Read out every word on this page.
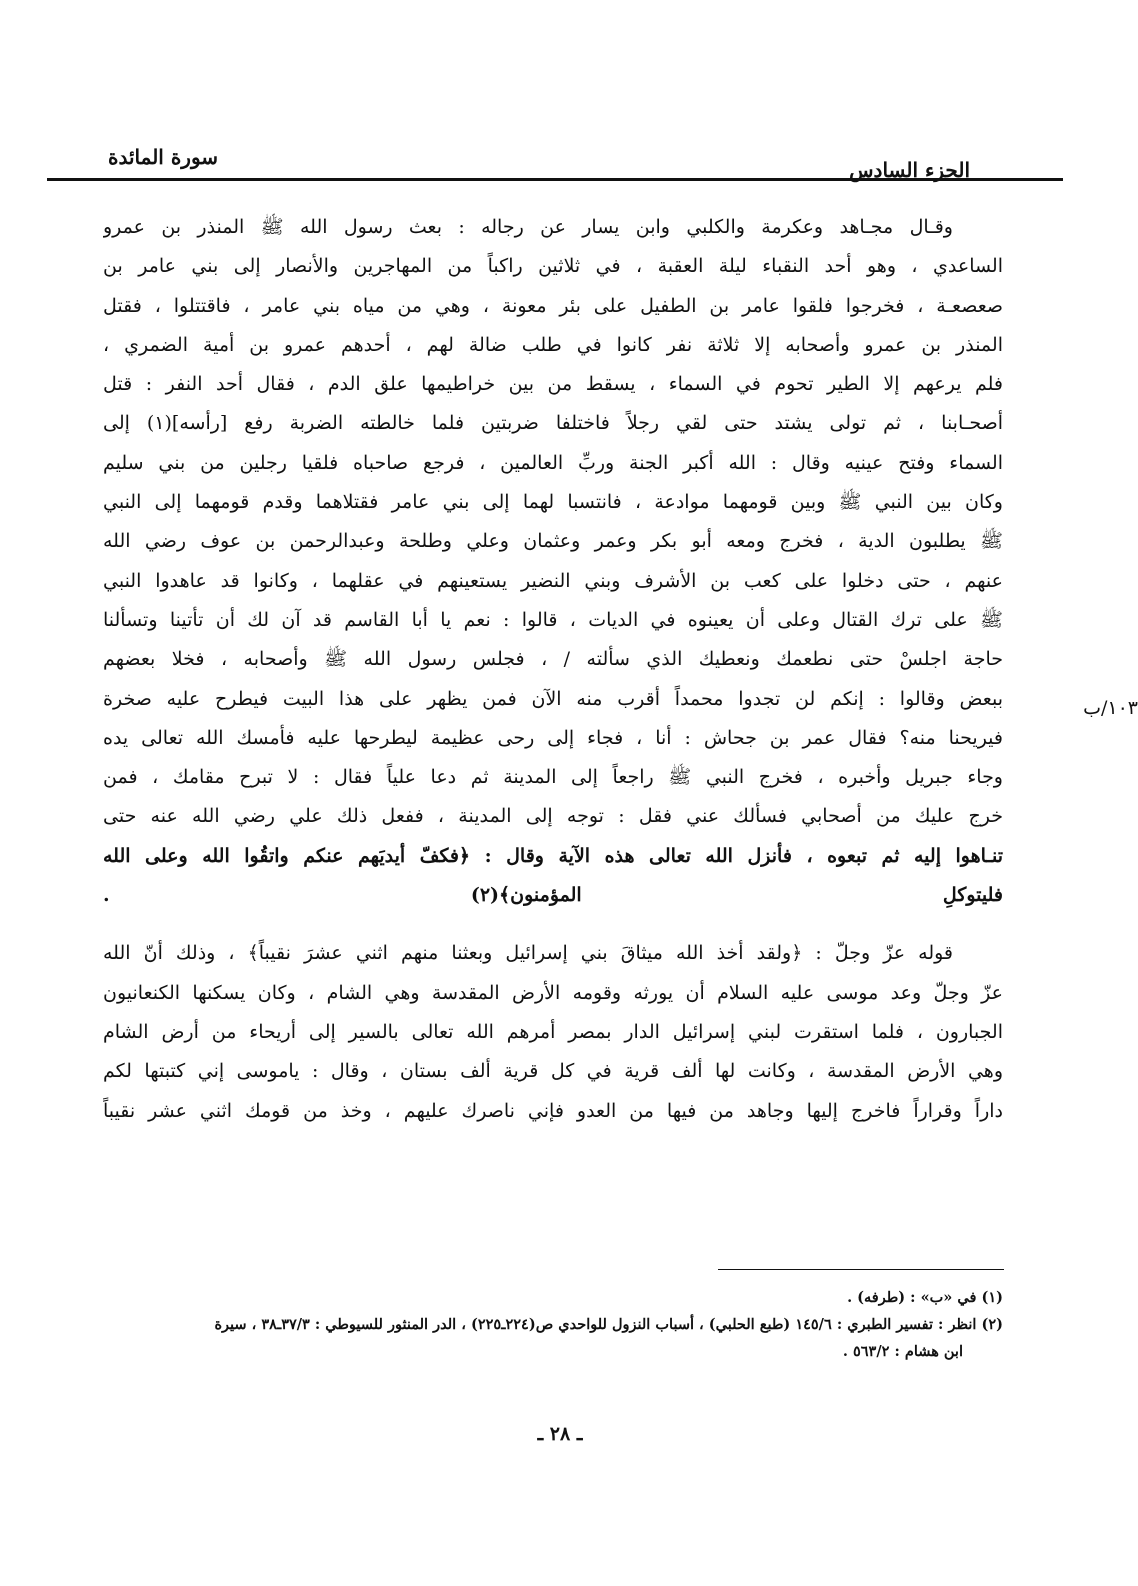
الجزء السادس
سورة المائدة
١٠٣/ب
وقـال مجـاهد وعكرمة والكلبي وابن يسار عن رجاله : بعث رسول الله ﷺ المنذر بن عمرو
الساعدي ، وهو أحد النقباء ليلة العقبة ، في ثلاثين راكباً من المهاجرين والأنصار إلى بني عامر بن
صعصعـة ، فخرجوا فلقوا عامر بن الطفيل على بئر معونة ، وهي من مياه بني عامر ، فاقتتلوا ، فقتل
المنذر بن عمرو وأصحابه إلا ثلاثة نفر كانوا في طلب ضالة لهم ، أحدهم عمرو بن أمية الضمري ،
فلم يرعهم إلا الطير تحوم في السماء ، يسقط من بين خراطيمها علق الدم ، فقال أحد النفر : قتل
أصحـابنا ، ثم تولى يشتد حتى لقي رجلاً فاختلفا ضربتين فلما خالطته الضربة رفع [رأسه](١) إلى
السماء وفتح عينيه وقال : الله أكبر الجنة وربِّ العالمين ، فرجع صاحباه فلقيا رجلين من بني سليم
وكان بين النبي ﷺ وبين قومهما موادعة ، فانتسبا لهما إلى بني عامر فقتلاهما وقدم قومهما إلى النبي
ﷺ يطلبون الدية ، فخرج ومعه أبو بكر وعمر وعثمان وعلي وطلحة وعبدالرحمن بن عوف رضي الله
عنهم ، حتى دخلوا على كعب بن الأشرف وبني النضير يستعينهم في عقلهما ، وكانوا قد عاهدوا النبي
ﷺ على ترك القتال وعلى أن يعينوه في الديات ، قالوا : نعم يا أبا القاسم قد آن لك أن تأتينا وتسألنا
حاجة اجلسْ حتى نطعمك ونعطيك الذي سألته / ، فجلس رسول الله ﷺ وأصحابه ، فخلا بعضهم
ببعض وقالوا : إنكم لن تجدوا محمداً أقرب منه الآن فمن يظهر على هذا البيت فيطرح عليه صخرة
فيريحنا منه؟ فقال عمر بن جحاش : أنا ، فجاء إلى رحى عظيمة ليطرحها عليه فأمسك الله تعالى يده
وجاء جبريل وأخبره ، فخرج النبي ﷺ راجعاً إلى المدينة ثم دعا علياً فقال : لا تبرح مقامك ، فمن
خرج عليك من أصحابي فسألك عني فقل : توجه إلى المدينة ، ففعل ذلك علي رضي الله عنه حتى
تنـاهوا إليه ثم تبعوه ، فأنزل الله تعالى هذه الآية وقال : ﴿فكفّ أيديَهم عنكم واتقُوا الله وعلى الله
فليتوكلِ المؤمنون﴾(٢) .
قوله عزّ وجلّ : ﴿ولقد أخذ الله ميثاقَ بني إسرائيل وبعثنا منهم اثني عشرَ نقيباً﴾ ، وذلك أنّ الله
عزّ وجلّ وعد موسى عليه السلام أن يورثه وقومه الأرض المقدسة وهي الشام ، وكان يسكنها الكنعانيون
الجبارون ، فلما استقرت لبني إسرائيل الدار بمصر أمرهم الله تعالى بالسير إلى أريحاء من أرض الشام
وهي الأرض المقدسة ، وكانت لها ألف قرية في كل قرية ألف بستان ، وقال : ياموسى إني كتبتها لكم
داراً وقراراً فاخرج إليها وجاهد من فيها من العدو فإني ناصرك عليهم ، وخذ من قومك اثني عشر نقيباً
(١) في «ب» : (طرفه) .
(٢) انظر : تفسير الطبري : ١٤٥/٦ (طبع الحلبي) ، أسباب النزول للواحدي ص(٢٢٤ـ٢٢٥) ، الدر المنثور للسيوطي : ٣٧/٣ـ٣٨ ، سيرة
ابن هشام : ٥٦٣/٢ .
ـ ٢٨ ـ
